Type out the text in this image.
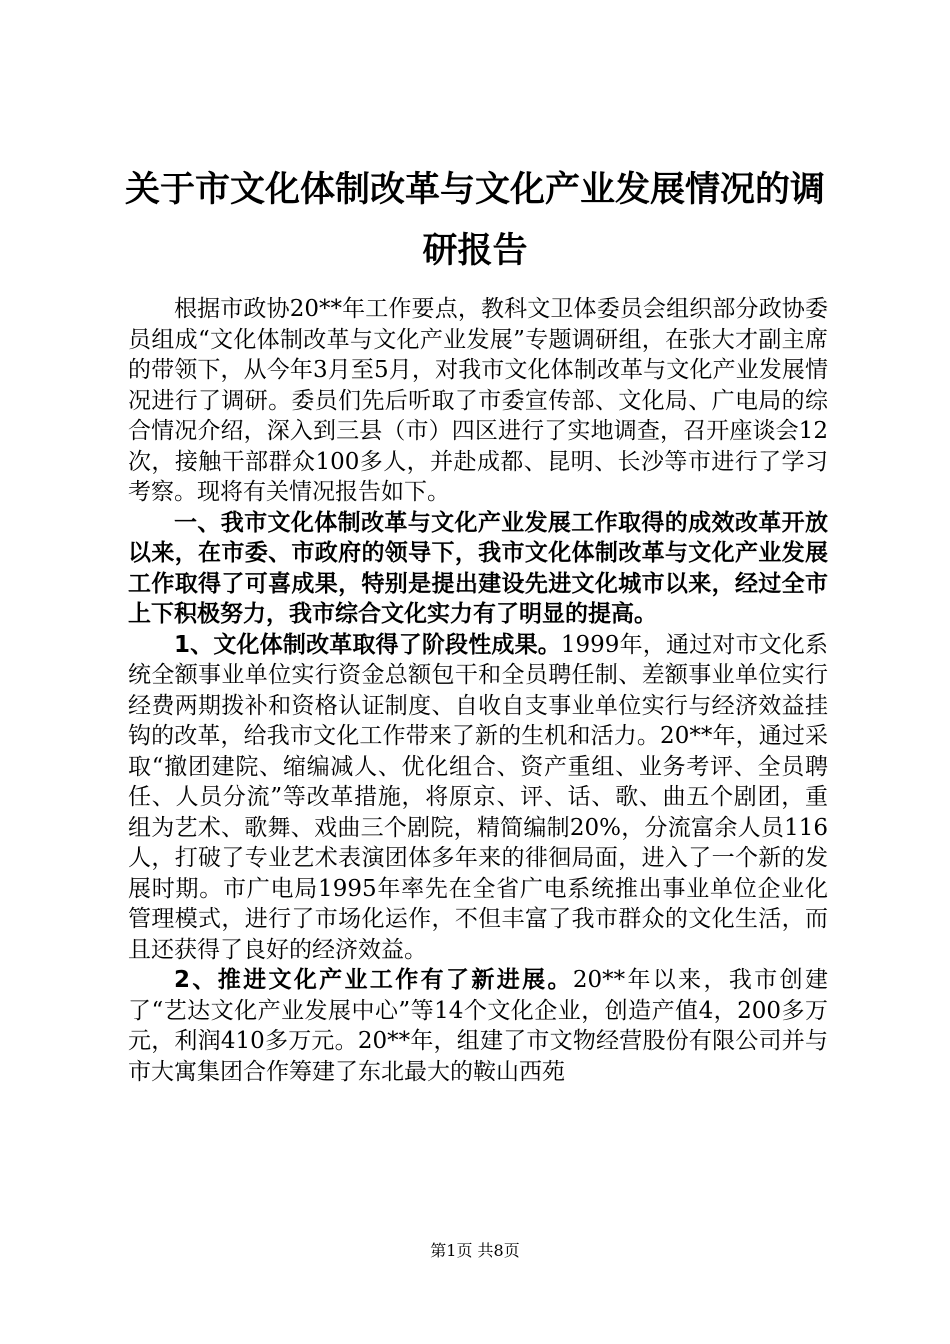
关于市文化体制改革与文化产业发展情况的调研报告

根据市政协20**年工作要点，教科文卫体委员会组织部分政协委员组成“文化体制改革与文化产业发展”专题调研组，在张大才副主席的带领下，从今年3月至5月，对我市文化体制改革与文化产业发展情况进行了调研。委员们先后听取了市委宣传部、文化局、广电局的综合情况介绍，深入到三县（市）四区进行了实地调查，召开座谈会12次，接触干部群众100多人，并赴成都、昆明、长沙等市进行了学习考察。现将有关情况报告如下。

一、我市文化体制改革与文化产业发展工作取得的成效改革开放以来，在市委、市政府的领导下，我市文化体制改革与文化产业发展工作取得了可喜成果，特别是提出建设先进文化城市以来，经过全市上下积极努力，我市综合文化实力有了明显的提高。

1、文化体制改革取得了阶段性成果。1999年，通过对市文化系统全额事业单位实行资金总额包干和全员聘任制、差额事业单位实行经费两期拨补和资格认证制度、自收自支事业单位实行与经济效益挂钩的改革，给我市文化工作带来了新的生机和活力。20**年，通过采取“撤团建院、缩编减人、优化组合、资产重组、业务考评、全员聘任、人员分流”等改革措施，将原京、评、话、歌、曲五个剧团，重组为艺术、歌舞、戏曲三个剧院，精简编制20%，分流富余人员116人，打破了专业艺术表演团体多年来的徘徊局面，进入了一个新的发展时期。市广电局1995年率先在全省广电系统推出事业单位企业化管理模式，进行了市场化运作，不但丰富了我市群众的文化生活，而且还获得了良好的经济效益。

2、推进文化产业工作有了新进展。20**年以来，我市创建了“艺达文化产业发展中心”等14个文化企业，创造产值4，200多万元，利润410多万元。20**年，组建了市文物经营股份有限公司并与市大寓集团合作筹建了东北最大的鞍山西苑

第1页 共8页
